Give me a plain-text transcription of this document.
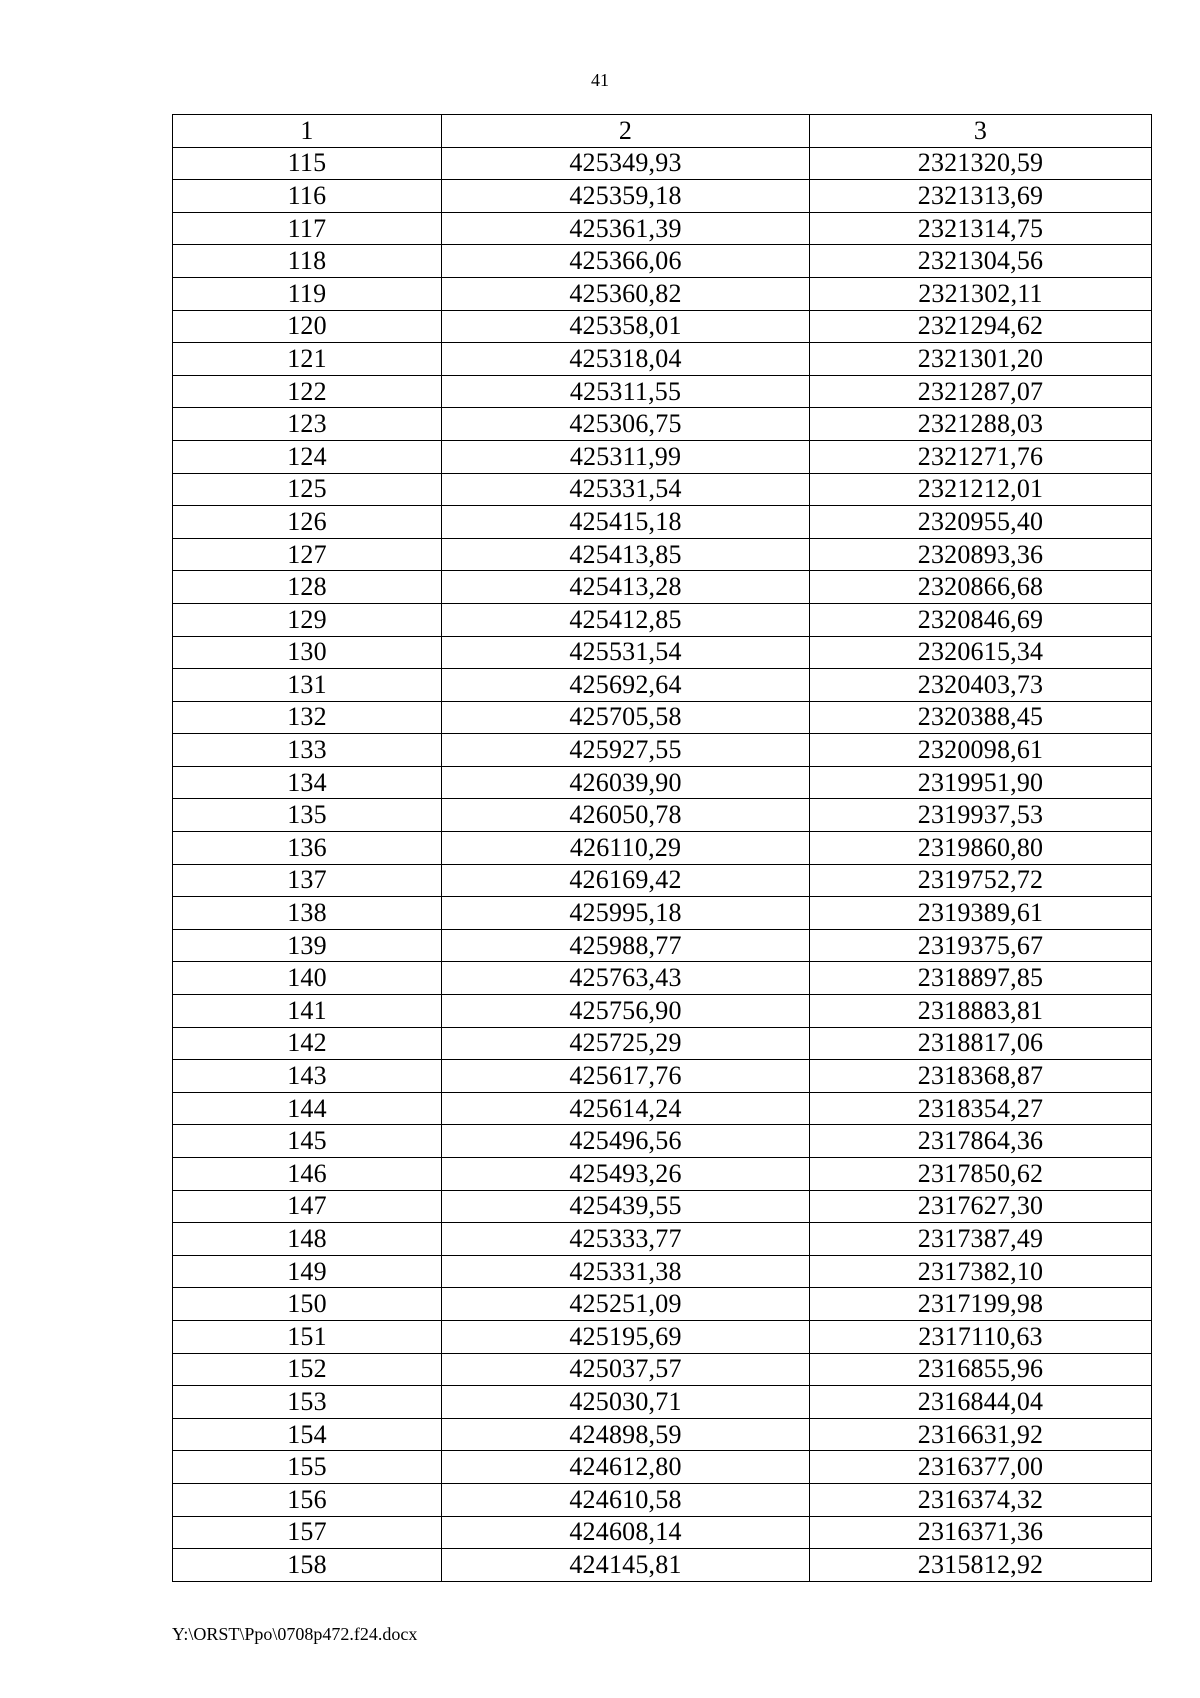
41
1	2	3
115	425349,93	2321320,59
116	425359,18	2321313,69
117	425361,39	2321314,75
118	425366,06	2321304,56
119	425360,82	2321302,11
120	425358,01	2321294,62
121	425318,04	2321301,20
122	425311,55	2321287,07
123	425306,75	2321288,03
124	425311,99	2321271,76
125	425331,54	2321212,01
126	425415,18	2320955,40
127	425413,85	2320893,36
128	425413,28	2320866,68
129	425412,85	2320846,69
130	425531,54	2320615,34
131	425692,64	2320403,73
132	425705,58	2320388,45
133	425927,55	2320098,61
134	426039,90	2319951,90
135	426050,78	2319937,53
136	426110,29	2319860,80
137	426169,42	2319752,72
138	425995,18	2319389,61
139	425988,77	2319375,67
140	425763,43	2318897,85
141	425756,90	2318883,81
142	425725,29	2318817,06
143	425617,76	2318368,87
144	425614,24	2318354,27
145	425496,56	2317864,36
146	425493,26	2317850,62
147	425439,55	2317627,30
148	425333,77	2317387,49
149	425331,38	2317382,10
150	425251,09	2317199,98
151	425195,69	2317110,63
152	425037,57	2316855,96
153	425030,71	2316844,04
154	424898,59	2316631,92
155	424612,80	2316377,00
156	424610,58	2316374,32
157	424608,14	2316371,36
158	424145,81	2315812,92
Y:\ORST\Ppo\0708p472.f24.docx
